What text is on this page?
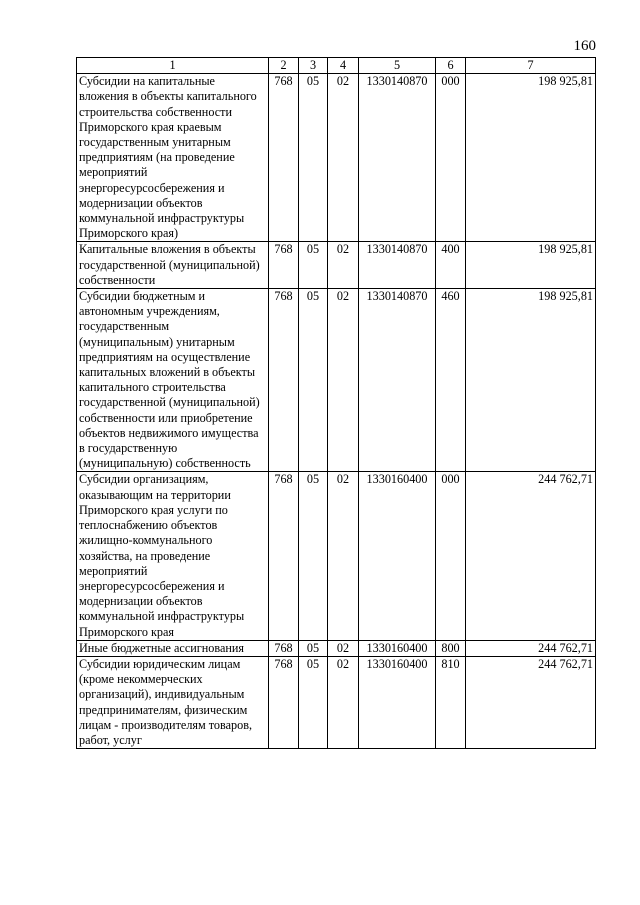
160
1	2	3	4	5	6	7
Субсидии на капитальные вложения в объекты капитального строительства собственности Приморского края краевым государственным унитарным предприятиям (на проведение мероприятий энергоресурсосбережения и модернизации объектов коммунальной инфраструктуры Приморского края)	768	05	02	1330140870	000	198 925,81
Капитальные вложения в объекты государственной (муниципальной) собственности	768	05	02	1330140870	400	198 925,81
Субсидии бюджетным и автономным учреждениям, государственным (муниципальным) унитарным предприятиям на осуществление капитальных вложений в объекты капитального строительства государственной (муниципальной) собственности или приобретение объектов недвижимого имущества в государственную (муниципальную) собственность	768	05	02	1330140870	460	198 925,81
Субсидии организациям, оказывающим на территории Приморского края услуги по теплоснабжению объектов жилищно-коммунального хозяйства, на проведение мероприятий энергоресурсосбережения и модернизации объектов коммунальной инфраструктуры Приморского края	768	05	02	1330160400	000	244 762,71
Иные бюджетные ассигнования	768	05	02	1330160400	800	244 762,71
Субсидии юридическим лицам (кроме некоммерческих организаций), индивидуальным предпринимателям, физическим лицам - производителям товаров, работ, услуг	768	05	02	1330160400	810	244 762,71
